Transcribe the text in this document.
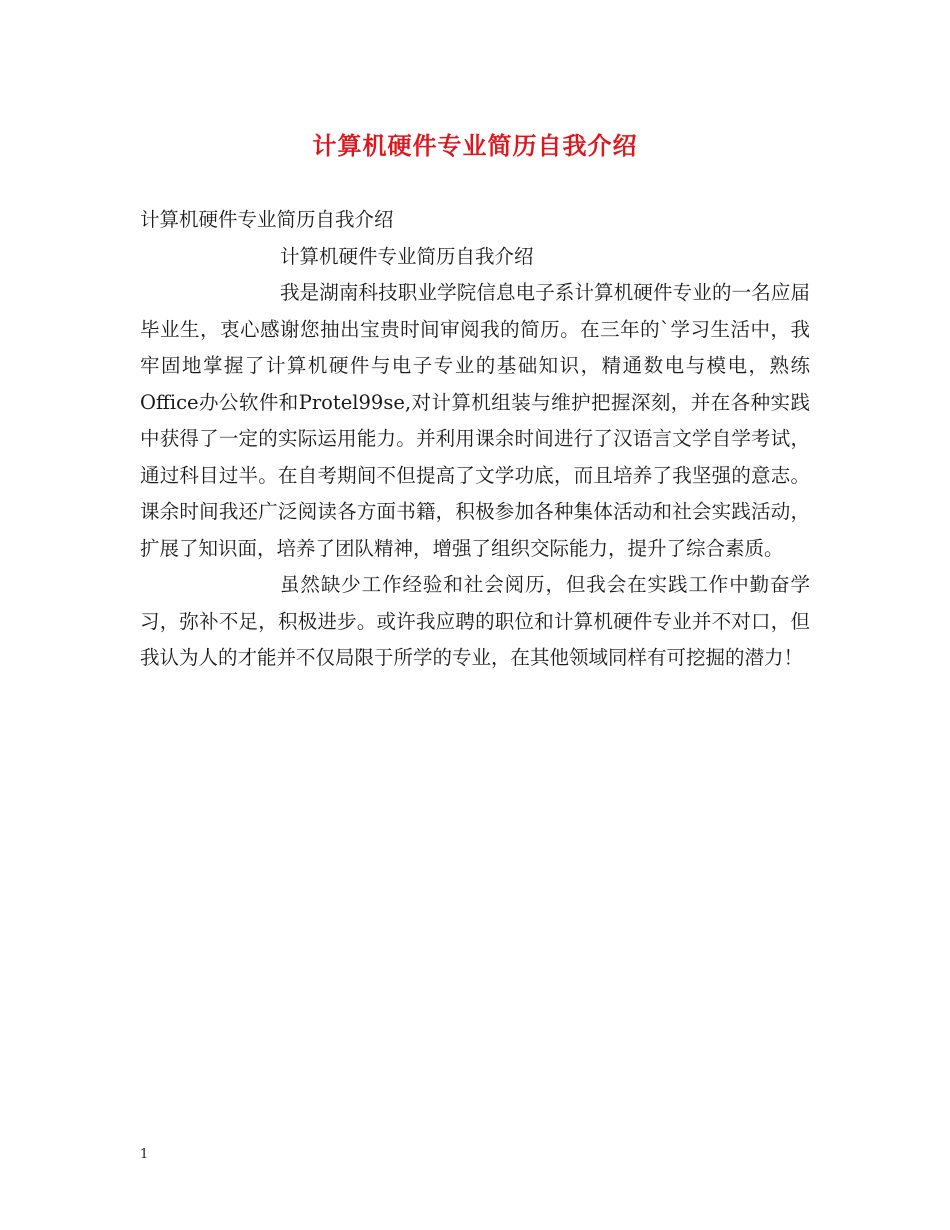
计算机硬件专业简历自我介绍

计算机硬件专业简历自我介绍

计算机硬件专业简历自我介绍

我是湖南科技职业学院信息电子系计算机硬件专业的一名应届毕业生，衷心感谢您抽出宝贵时间审阅我的简历。在三年的`学习生活中，我牢固地掌握了计算机硬件与电子专业的基础知识，精通数电与模电，熟练Office办公软件和Protel99se,对计算机组装与维护把握深刻，并在各种实践中获得了一定的实际运用能力。并利用课余时间进行了汉语言文学自学考试，通过科目过半。在自考期间不但提高了文学功底，而且培养了我坚强的意志。课余时间我还广泛阅读各方面书籍，积极参加各种集体活动和社会实践活动，扩展了知识面，培养了团队精神，增强了组织交际能力，提升了综合素质。

虽然缺少工作经验和社会阅历，但我会在实践工作中勤奋学习，弥补不足，积极进步。或许我应聘的职位和计算机硬件专业并不对口，但我认为人的才能并不仅局限于所学的专业，在其他领域同样有可挖掘的潜力！

1
